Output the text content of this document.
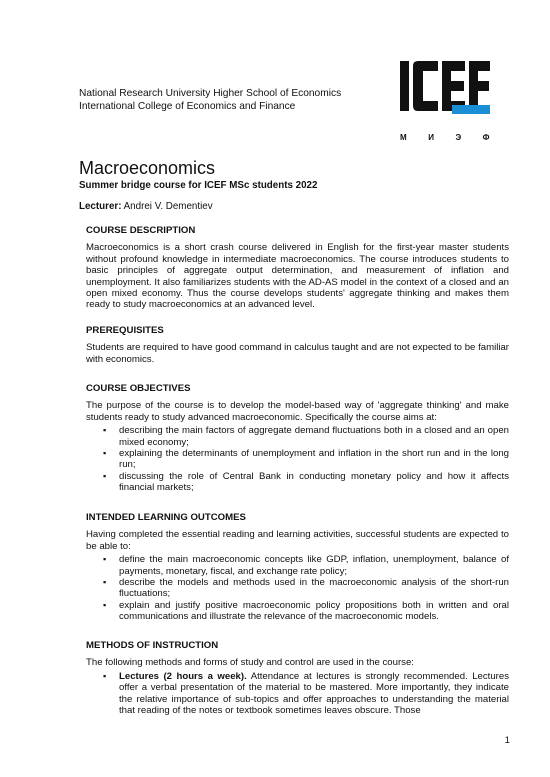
National Research University Higher School of Economics
International College of Economics and Finance
М	И	Э	Ф
Macroeconomics
Summer bridge course for ICEF MSc students 2022
Lecturer: Andrei V. Dementiev
COURSE DESCRIPTION
Macroeconomics is a short crash course delivered in English for the first-year master students without profound knowledge in intermediate macroeconomics. The course introduces students to basic principles of aggregate output determination, and measurement of inflation and unemployment. It also familiarizes students with the AD-AS model in the context of a closed and an open mixed economy. Thus the course develops students' aggregate thinking and makes them ready to study macroeconomics at an advanced level.
PREREQUISITES
Students are required to have good command in calculus taught and are not expected to be familiar with economics.
COURSE OBJECTIVES
The purpose of the course is to develop the model-based way of 'aggregate thinking' and make students ready to study advanced macroeconomic. Specifically the course aims at:
▪ describing the main factors of aggregate demand fluctuations both in a closed and an open mixed economy;
▪ explaining the determinants of unemployment and inflation in the short run and in the long run;
▪ discussing the role of Central Bank in conducting monetary policy and how it affects financial markets;
INTENDED LEARNING OUTCOMES
Having completed the essential reading and learning activities, successful students are expected to be able to:
▪ define the main macroeconomic concepts like GDP, inflation, unemployment, balance of payments, monetary, fiscal, and exchange rate policy;
▪ describe the models and methods used in the macroeconomic analysis of the short-run fluctuations;
▪ explain and justify positive macroeconomic policy propositions both in written and oral communications and illustrate the relevance of the macroeconomic models.
METHODS OF INSTRUCTION
The following methods and forms of study and control are used in the course:
▪ Lectures (2 hours a week). Attendance at lectures is strongly recommended. Lectures offer a verbal presentation of the material to be mastered. More importantly, they indicate the relative importance of sub-topics and offer approaches to understanding the material that reading of the notes or textbook sometimes leaves obscure. Those
1
